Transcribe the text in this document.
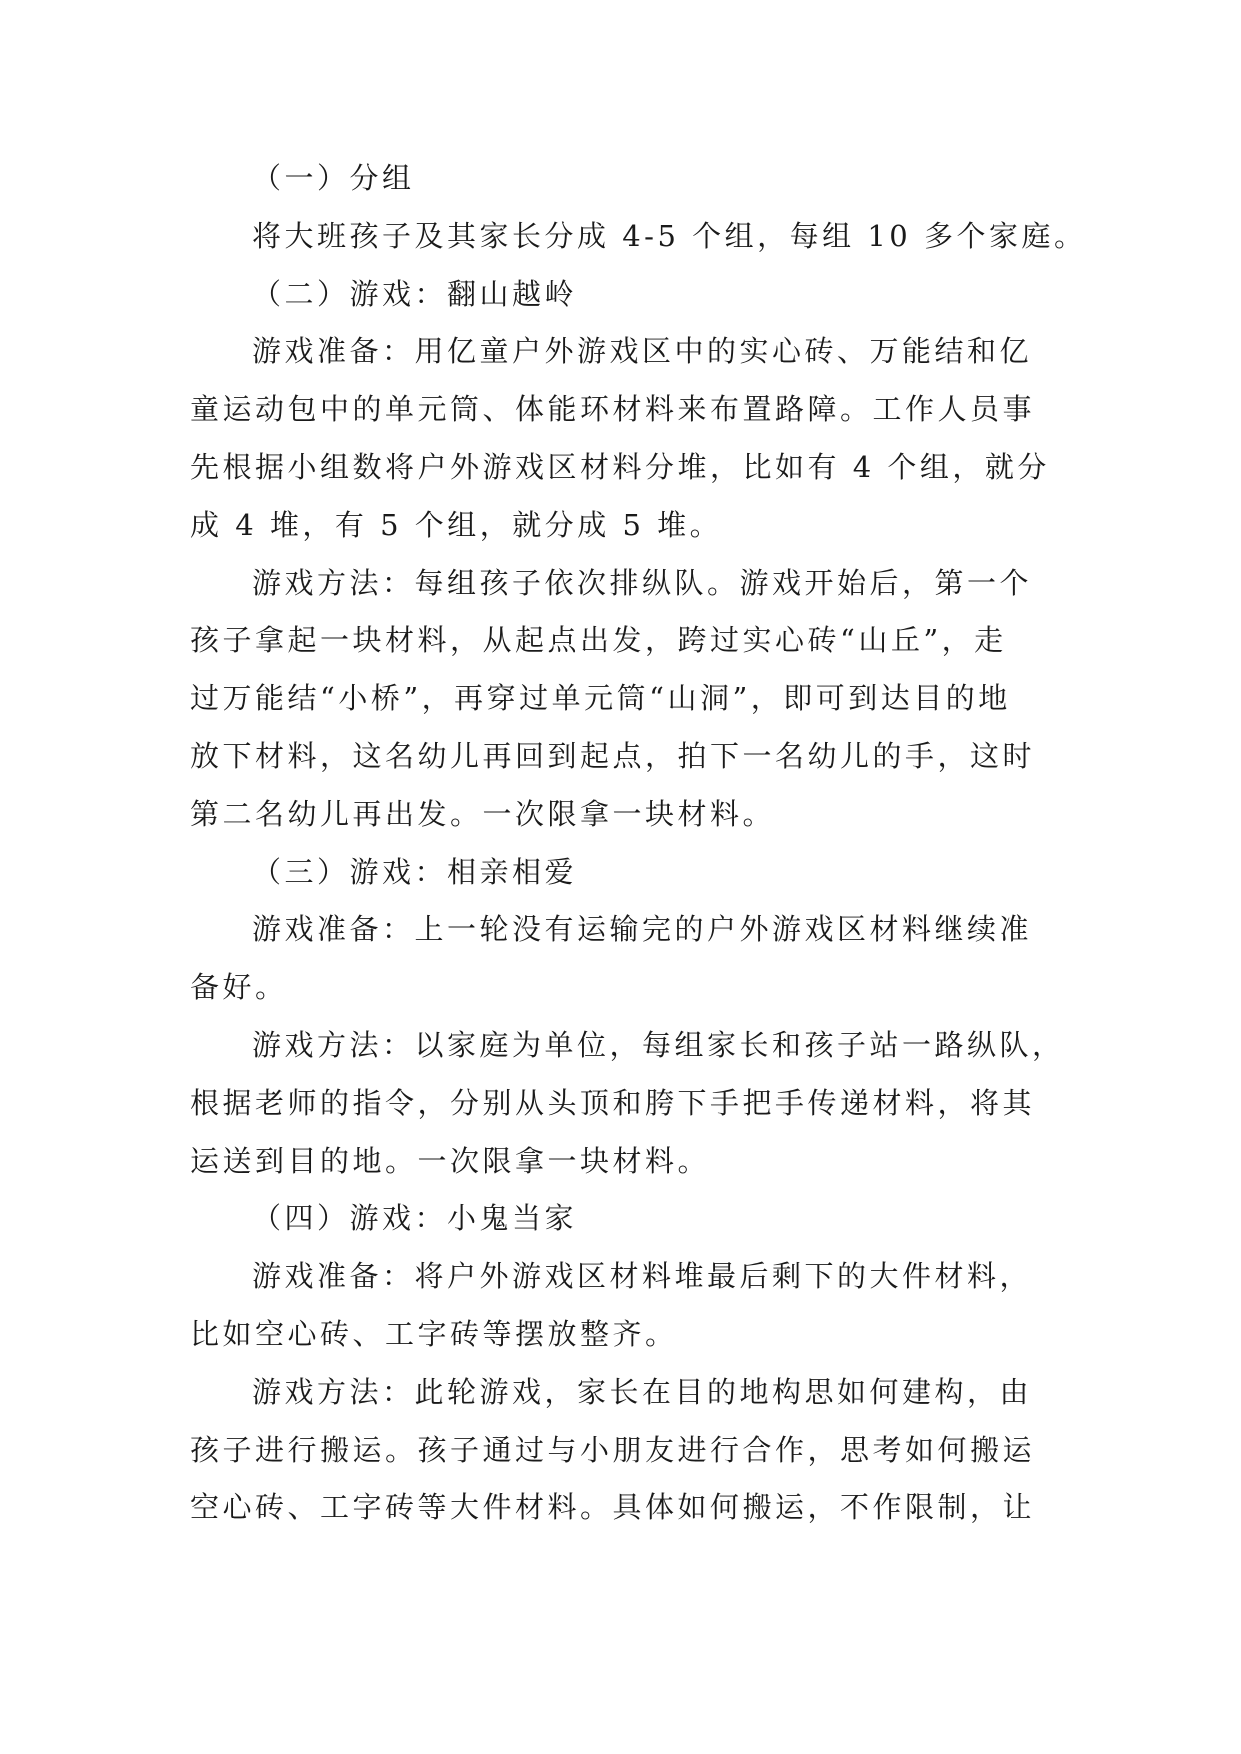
（一）分组

将大班孩子及其家长分成 4-5 个组，每组 10 多个家庭。

（二）游戏：翻山越岭

游戏准备：用亿童户外游戏区中的实心砖、万能结和亿

童运动包中的单元筒、体能环材料来布置路障。工作人员事

先根据小组数将户外游戏区材料分堆，比如有 4 个组，就分

成 4 堆，有 5 个组，就分成 5 堆。

游戏方法：每组孩子依次排纵队。游戏开始后，第一个

孩子拿起一块材料，从起点出发，跨过实心砖“山丘”，走

过万能结“小桥”，再穿过单元筒“山洞”，即可到达目的地

放下材料，这名幼儿再回到起点，拍下一名幼儿的手，这时

第二名幼儿再出发。一次限拿一块材料。

（三）游戏：相亲相爱

游戏准备：上一轮没有运输完的户外游戏区材料继续准

备好。

游戏方法：以家庭为单位，每组家长和孩子站一路纵队，

根据老师的指令，分别从头顶和胯下手把手传递材料，将其

运送到目的地。一次限拿一块材料。

（四）游戏：小鬼当家

游戏准备：将户外游戏区材料堆最后剩下的大件材料，

比如空心砖、工字砖等摆放整齐。

游戏方法：此轮游戏，家长在目的地构思如何建构，由

孩子进行搬运。孩子通过与小朋友进行合作，思考如何搬运

空心砖、工字砖等大件材料。具体如何搬运，不作限制，让
